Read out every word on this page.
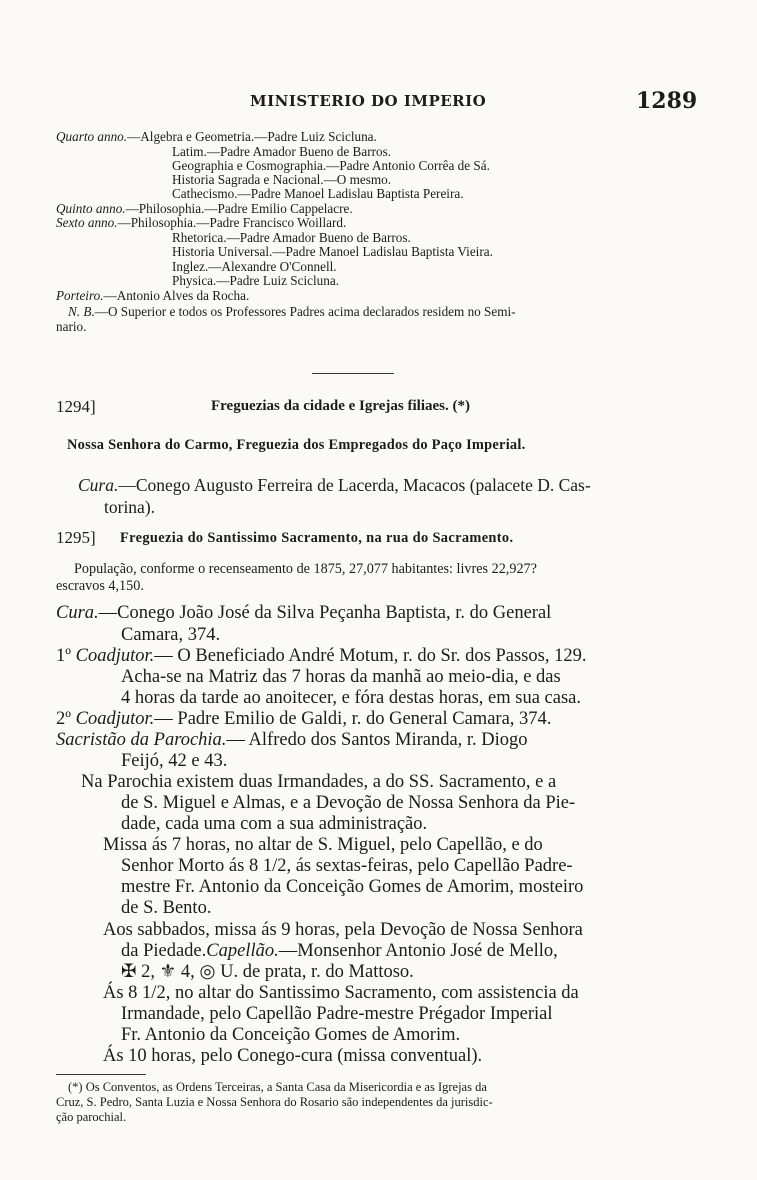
MINISTERIO DO IMPERIO	1289
Quarto anno.—Algebra e Geometria.—Padre Luiz Scicluna.
Latim.—Padre Amador Bueno de Barros.
Geographia e Cosmographia.—Padre Antonio Corrêa de Sá.
Historia Sagrada e Nacional.—O mesmo.
Cathecismo.—Padre Manoel Ladislau Baptista Pereira.
Quinto anno.—Philosophia.—Padre Emilio Cappelacre.
Sexto anno.—Philosophia.—Padre Francisco Woillard.
Rhetorica.—Padre Amador Bueno de Barros.
Historia Universal.—Padre Manoel Ladislau Baptista Vieira.
Inglez.—Alexandre O'Connell.
Physica.—Padre Luiz Scicluna.
Porteiro.—Antonio Alves da Rocha.
N. B.—O Superior e todos os Professores Padres acima declarados residem no Semi-
nario.
1294]	Freguezias da cidade e Igrejas filiaes. (*)
Nossa Senhora do Carmo, Freguezia dos Empregados do Paço Imperial.
Cura.—Conego Augusto Ferreira de Lacerda, Macacos (palacete D. Cas-
torina).
1295] Freguezia do Santissimo Sacramento, na rua do Sacramento.
População, conforme o recenseamento de 1875, 27,077 habitantes: livres 22,927?
escravos 4,150.
Cura.—Conego João José da Silva Peçanha Baptista, r. do General
Camara, 374.
1º Coadjutor.— O Beneficiado André Motum, r. do Sr. dos Passos, 129.
Acha-se na Matriz das 7 horas da manhã ao meio-dia, e das
4 horas da tarde ao anoitecer, e fóra destas horas, em sua casa.
2º Coadjutor.— Padre Emilio de Galdi, r. do General Camara, 374.
Sacristão da Parochia.— Alfredo dos Santos Miranda, r. Diogo
Feijó, 42 e 43.
Na Parochia existem duas Irmandades, a do SS. Sacramento, e a
de S. Miguel e Almas, e a Devoção de Nossa Senhora da Pie-
dade, cada uma com a sua administração.
Missa ás 7 horas, no altar de S. Miguel, pelo Capellão, e do
Senhor Morto ás 8 1/2, ás sextas-feiras, pelo Capellão Padre-
mestre Fr. Antonio da Conceição Gomes de Amorim, mosteiro
de S. Bento.
Aos sabbados, missa ás 9 horas, pela Devoção de Nossa Senhora
da Piedade.Capellão.—Monsenhor Antonio José de Mello,
✠ 2, ⚜ 4, ◎ U. de prata, r. do Mattoso.
Ás 8 1/2, no altar do Santissimo Sacramento, com assistencia da
Irmandade, pelo Capellão Padre-mestre Prégador Imperial
Fr. Antonio da Conceição Gomes de Amorim.
Ás 10 horas, pelo Conego-cura (missa conventual).
(*) Os Conventos, as Ordens Terceiras, a Santa Casa da Misericordia e as Igrejas da
Cruz, S. Pedro, Santa Luzia e Nossa Senhora do Rosario são independentes da jurisdic-
ção parochial.
